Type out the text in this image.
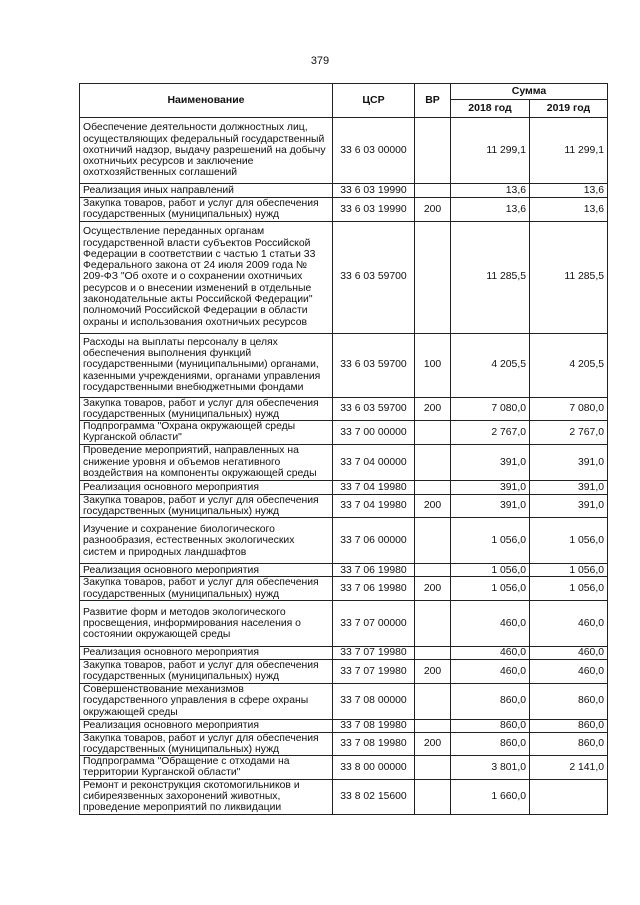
379
Наименование	ЦСР	ВР	Сумма	
			2018 год	2019 год
Обеспечение деятельности должностных лиц, осуществляющих федеральный государственный охотничий надзор, выдачу разрешений на добычу охотничьих ресурсов и заключение охотхозяйственных соглашений	33 6 03 00000		11 299,1	11 299,1
Реализация иных направлений	33 6 03 19990		13,6	13,6
Закупка товаров, работ и услуг для обеспечения государственных (муниципальных) нужд	33 6 03 19990	200	13,6	13,6
Осуществление переданных органам государственной власти субъектов Российской Федерации в соответствии с частью 1 статьи 33 Федерального закона от 24 июля 2009 года № 209-ФЗ "Об охоте и о сохранении охотничьих ресурсов и о внесении изменений в отдельные законодательные акты Российской Федерации" полномочий Российской Федерации в области охраны и использования охотничьих ресурсов	33 6 03 59700		11 285,5	11 285,5
Расходы на выплаты персоналу в целях обеспечения выполнения функций государственными (муниципальными) органами, казенными учреждениями, органами управления государственными внебюджетными фондами	33 6 03 59700	100	4 205,5	4 205,5
Закупка товаров, работ и услуг для обеспечения государственных (муниципальных) нужд	33 6 03 59700	200	7 080,0	7 080,0
Подпрограмма "Охрана окружающей среды Курганской области"	33 7 00 00000		2 767,0	2 767,0
Проведение мероприятий, направленных на снижение уровня и объемов негативного воздействия на компоненты окружающей среды	33 7 04 00000		391,0	391,0
Реализация основного мероприятия	33 7 04 19980		391,0	391,0
Закупка товаров, работ и услуг для обеспечения государственных (муниципальных) нужд	33 7 04 19980	200	391,0	391,0
Изучение и сохранение биологического разнообразия, естественных экологических систем и природных ландшафтов	33 7 06 00000		1 056,0	1 056,0
Реализация основного мероприятия	33 7 06 19980		1 056,0	1 056,0
Закупка товаров, работ и услуг для обеспечения государственных (муниципальных) нужд	33 7 06 19980	200	1 056,0	1 056,0
Развитие форм и методов экологического просвещения, информирования населения о состоянии окружающей среды	33 7 07 00000		460,0	460,0
Реализация основного мероприятия	33 7 07 19980		460,0	460,0
Закупка товаров, работ и услуг для обеспечения государственных (муниципальных) нужд	33 7 07 19980	200	460,0	460,0
Совершенствование механизмов государственного управления в сфере охраны окружающей среды	33 7 08 00000		860,0	860,0
Реализация основного мероприятия	33 7 08 19980		860,0	860,0
Закупка товаров, работ и услуг для обеспечения государственных (муниципальных) нужд	33 7 08 19980	200	860,0	860,0
Подпрограмма "Обращение с отходами на территории Курганской области"	33 8 00 00000		3 801,0	2 141,0
Ремонт и реконструкция скотомогильников и сибиреязвенных захоронений животных, проведение мероприятий по ликвидации	33 8 02 15600		1 660,0	
